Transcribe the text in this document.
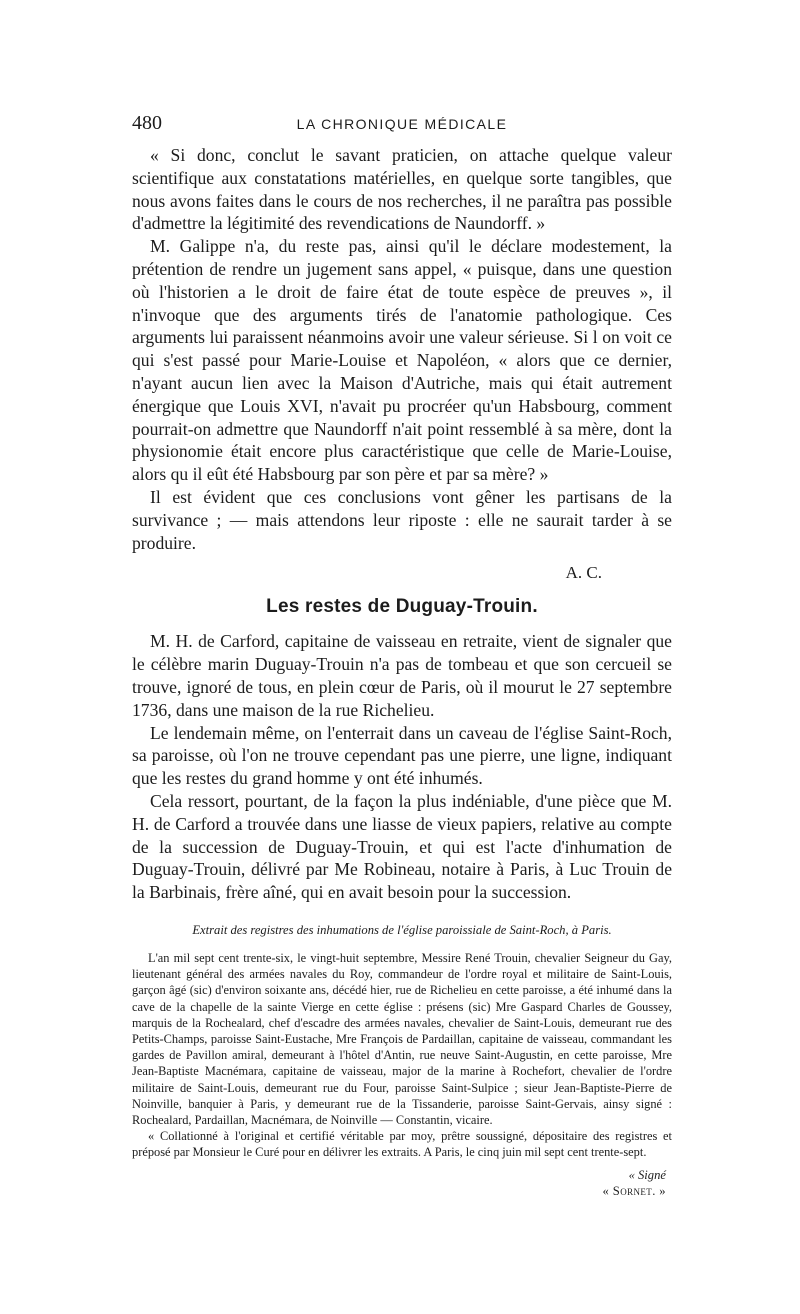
480	LA CHRONIQUE MÉDICALE

« Si donc, conclut le savant praticien, on attache quelque valeur scientifique aux constatations matérielles, en quelque sorte tangibles, que nous avons faites dans le cours de nos recherches, il ne paraîtra pas possible d'admettre la légitimité des revendications de Naundorff. »

M. Galippe n'a, du reste pas, ainsi qu'il le déclare modestement, la prétention de rendre un jugement sans appel, « puisque, dans une question où l'historien a le droit de faire état de toute espèce de preuves », il n'invoque que des arguments tirés de l'anatomie pathologique. Ces arguments lui paraissent néanmoins avoir une valeur sérieuse. Si l on voit ce qui s'est passé pour Marie-Louise et Napoléon, « alors que ce dernier, n'ayant aucun lien avec la Maison d'Autriche, mais qui était autrement énergique que Louis XVI, n'avait pu procréer qu'un Habsbourg, comment pourrait-on admettre que Naundorff n'ait point ressemblé à sa mère, dont la physionomie était encore plus caractéristique que celle de Marie-Louise, alors qu il eût été Habsbourg par son père et par sa mère? »

Il est évident que ces conclusions vont gêner les partisans de la survivance ; — mais attendons leur riposte : elle ne saurait tarder à se produire.

A. C.
Les restes de Duguay-Trouin.

M. H. de Carford, capitaine de vaisseau en retraite, vient de signaler que le célèbre marin Duguay-Trouin n'a pas de tombeau et que son cercueil se trouve, ignoré de tous, en plein cœur de Paris, où il mourut le 27 septembre 1736, dans une maison de la rue Richelieu.

Le lendemain même, on l'enterrait dans un caveau de l'église Saint-Roch, sa paroisse, où l'on ne trouve cependant pas une pierre, une ligne, indiquant que les restes du grand homme y ont été inhumés.

Cela ressort, pourtant, de la façon la plus indéniable, d'une pièce que M. H. de Carford a trouvée dans une liasse de vieux papiers, relative au compte de la succession de Duguay-Trouin, et qui est l'acte d'inhumation de Duguay-Trouin, délivré par Me Robineau, notaire à Paris, à Luc Trouin de la Barbinais, frère aîné, qui en avait besoin pour la succession.

Extrait des registres des inhumations de l'église paroissiale de Saint-Roch, à Paris.

L'an mil sept cent trente-six, le vingt-huit septembre, Messire René Trouin, chevalier Seigneur du Gay, lieutenant général des armées navales du Roy, commandeur de l'ordre royal et militaire de Saint-Louis, garçon âgé (sic) d'environ soixante ans, décédé hier, rue de Richelieu en cette paroisse, a été inhumé dans la cave de la chapelle de la sainte Vierge en cette église : présens (sic) Mre Gaspard Charles de Goussey, marquis de la Rochealard, chef d'escadre des armées navales, chevalier de Saint-Louis, demeurant rue des Petits-Champs, paroisse Saint-Eustache, Mre François de Pardaillan, capitaine de vaisseau, commandant les gardes de Pavillon amiral, demeurant à l'hôtel d'Antin, rue neuve Saint-Augustin, en cette paroisse, Mre Jean-Baptiste Macnémara, capitaine de vaisseau, major de la marine à Rochefort, chevalier de l'ordre militaire de Saint-Louis, demeurant rue du Four, paroisse Saint-Sulpice ; sieur Jean-Baptiste-Pierre de Noinville, banquier à Paris, y demeurant rue de la Tissanderie, paroisse Saint-Gervais, ainsy signé : Rochealard, Pardaillan, Macnémara, de Noinville — Constantin, vicaire.

« Collationné à l'original et certifié véritable par moy, prêtre soussigné, dépositaire des registres et préposé par Monsieur le Curé pour en délivrer les extraits. A Paris, le cinq juin mil sept cent trente-sept.

« Signé
« Sornet. »
